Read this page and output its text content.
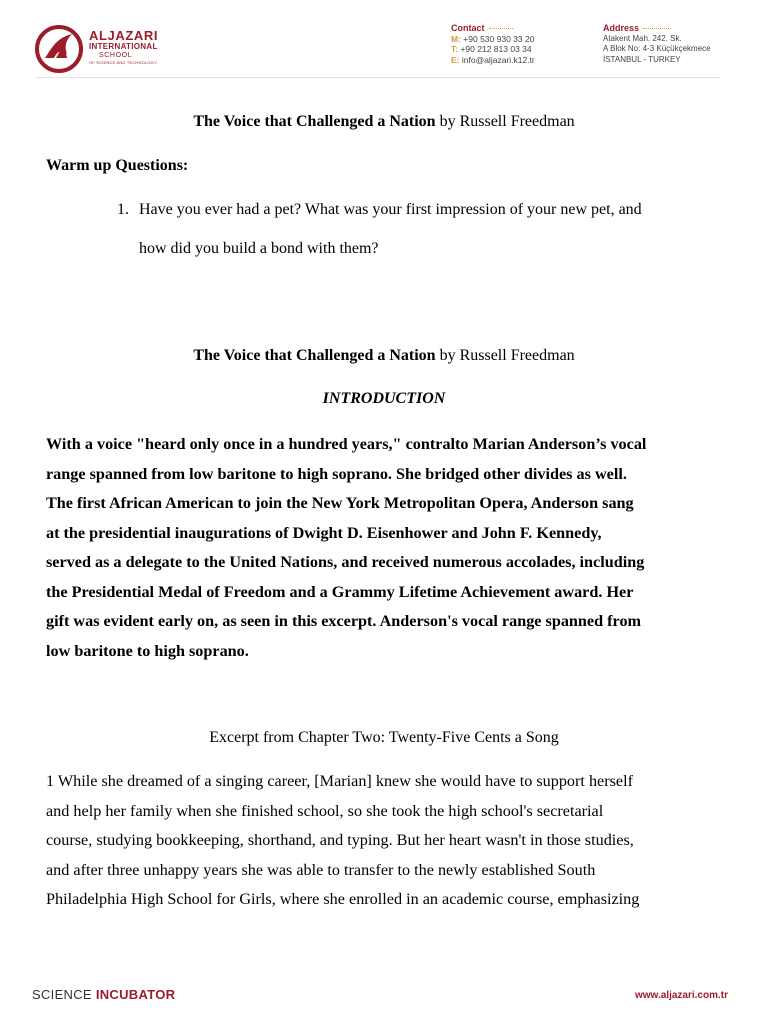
ALJAZARI
INTERNATIONAL
SCHOOL
OF SCIENCE AND TECHNOLOGY
Contact
M: +90 530 930 33 20
T: +90 212 813 03 34
E: info@aljazari.k12.tr
Address
Atakent Mah. 242. Sk.
A Blok No: 4-3 Küçükçekmece
İSTANBUL - TURKEY
The Voice that Challenged a Nation by Russell Freedman
Warm up Questions:
1. Have you ever had a pet? What was your first impression of your new pet, and
how did you build a bond with them?
The Voice that Challenged a Nation by Russell Freedman
INTRODUCTION
With a voice "heard only once in a hundred years," contralto Marian Anderson’s vocal
range spanned from low baritone to high soprano. She bridged other divides as well.
The first African American to join the New York Metropolitan Opera, Anderson sang
at the presidential inaugurations of Dwight D. Eisenhower and John F. Kennedy,
served as a delegate to the United Nations, and received numerous accolades, including
the Presidential Medal of Freedom and a Grammy Lifetime Achievement award. Her
gift was evident early on, as seen in this excerpt. Anderson's vocal range spanned from
low baritone to high soprano.
Excerpt from Chapter Two: Twenty-Five Cents a Song
1 While she dreamed of a singing career, [Marian] knew she would have to support herself
and help her family when she finished school, so she took the high school's secretarial
course, studying bookkeeping, shorthand, and typing. But her heart wasn't in those studies,
and after three unhappy years she was able to transfer to the newly established South
Philadelphia High School for Girls, where she enrolled in an academic course, emphasizing
SCIENCE INCUBATOR	www.aljazari.com.tr
